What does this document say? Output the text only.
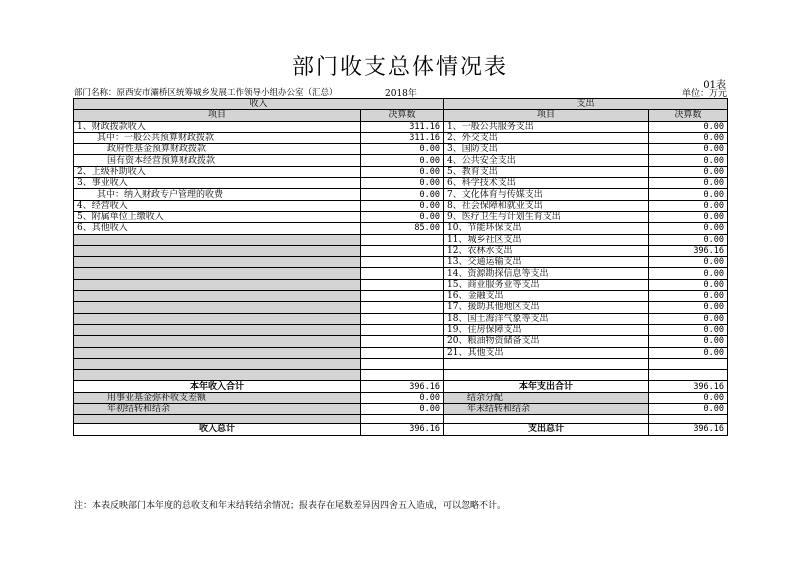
部门收支总体情况表
01表
部门名称：原西安市灞桥区统筹城乡发展工作领导小组办公室（汇总）	2018年	单位：万元
收入		支出	
项目	决算数	项目	决算数
1、财政拨款收入	311.16	1、一般公共服务支出	0.00
其中：一般公共预算财政拨款	311.16	2、外交支出	0.00
政府性基金预算财政拨款	0.00	3、国防支出	0.00
国有资本经营预算财政拨款	0.00	4、公共安全支出	0.00
2、上级补助收入	0.00	5、教育支出	0.00
3、事业收入	0.00	6、科学技术支出	0.00
其中：纳入财政专户管理的收费	0.00	7、文化体育与传媒支出	0.00
4、经营收入	0.00	8、社会保障和就业支出	0.00
5、附属单位上缴收入	0.00	9、医疗卫生与计划生育支出	0.00
6、其他收入	85.00	10、节能环保支出	0.00
		11、城乡社区支出	0.00
		12、农林水支出	396.16
		13、交通运输支出	0.00
		14、资源勘探信息等支出	0.00
		15、商业服务业等支出	0.00
		16、金融支出	0.00
		17、援助其他地区支出	0.00
		18、国土海洋气象等支出	0.00
		19、住房保障支出	0.00
		20、粮油物资储备支出	0.00
		21、其他支出	0.00

本年收入合计	396.16	本年支出合计	396.16
用事业基金弥补收支差额	0.00	结余分配	0.00
年初结转和结余	0.00	年末结转和结余	0.00

收入总计	396.16	支出总计	396.16
注：本表反映部门本年度的总收支和年末结转结余情况；报表存在尾数差异因四舍五入造成，可以忽略不计。
